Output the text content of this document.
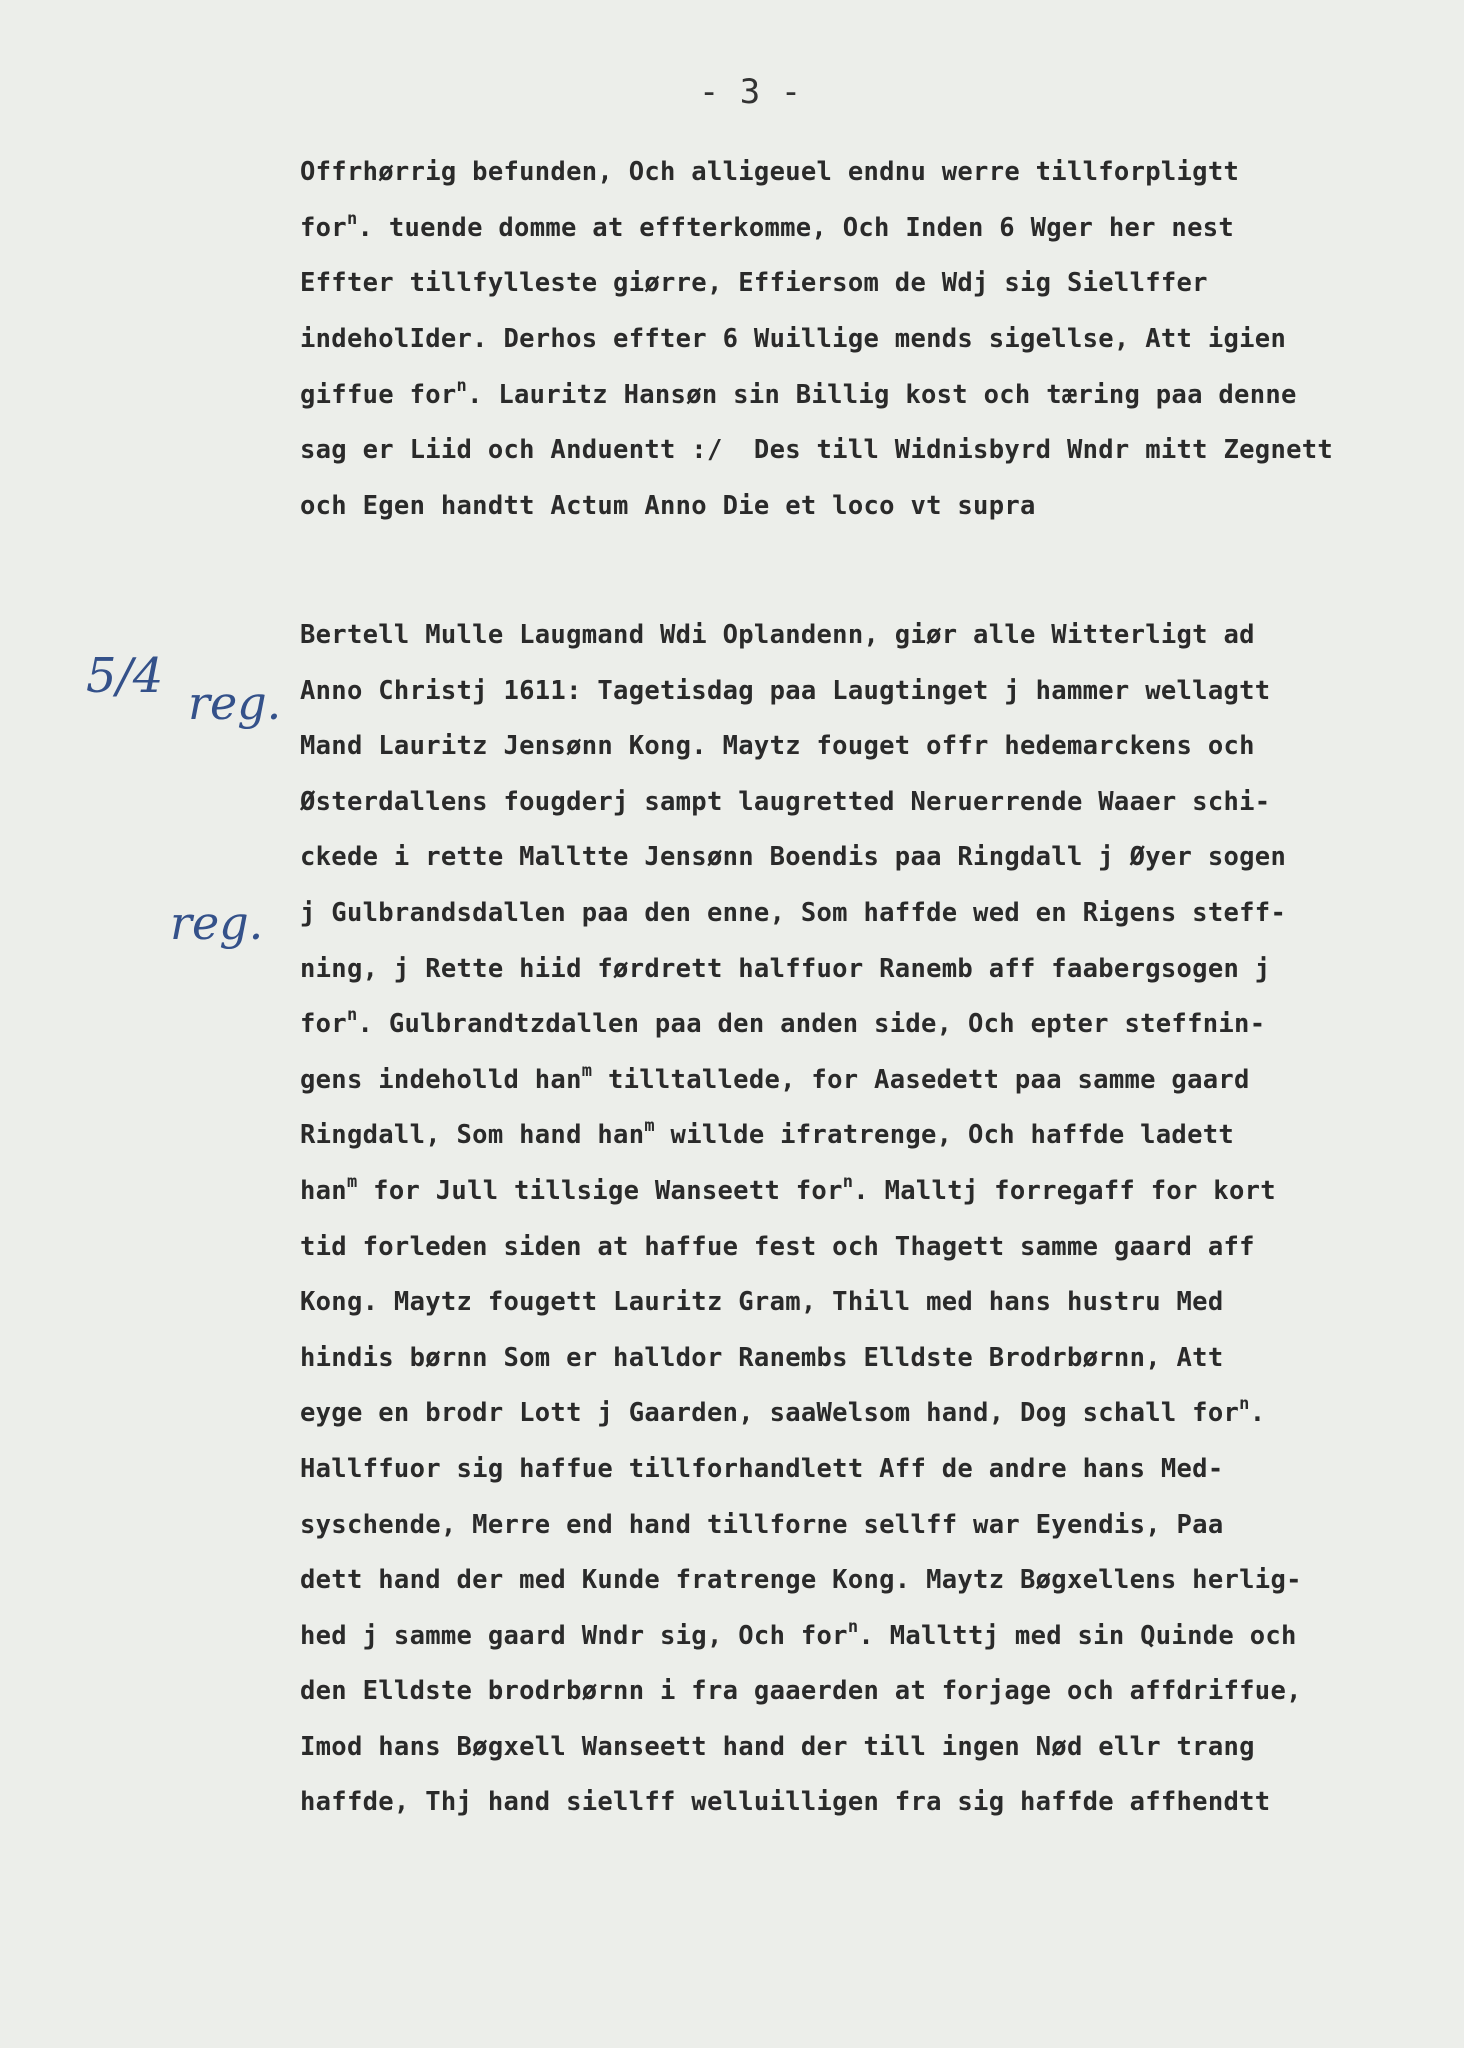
- 3 -
5/4 reg.
reg.
Offrhørrig befunden, Och alligeuel endnu werre tillforpligtt
for$^n$. tuende domme at effterkomme, Och Inden 6 Wger her nest
Effter tillfylleste giørre, Effiersom de Wdj sig Siellffer
indeholIder. Derhos effter 6 Wuillige mends sigellse, Att igien
giffue for$^n$. Lauritz Hansøn sin Billig kost och tæring paa denne
sag er Liid och Anduentt :/  Des till Widnisbyrd Wndr mitt Zegnett
och Egen handtt Actum Anno Die et loco vt supra
Bertell Mulle Laugmand Wdi Oplandenn, giør alle Witterligt ad
Anno Christj 1611: Tagetisdag paa Laugtinget j hammer wellagtt
Mand Lauritz Jensønn Kong. Maytz fouget offr hedemarckens och
Østerdallens fougderj sampt laugretted Neruerrende Waaer schi-
ckede i rette Malltte Jensønn Boendis paa Ringdall j Øyer sogen
j Gulbrandsdallen paa den enne, Som haffde wed en Rigens steff-
ning, j Rette hiid førdrett halffuor Ranemb aff faabergsogen j
for$^n$. Gulbrandtzdallen paa den anden side, Och epter steffnin-
gens indeholld han$^m$ tilltallede, for Aasedett paa samme gaard
Ringdall, Som hand han$^m$ willde ifratrenge, Och haffde ladett
han$^m$ for Jull tillsige Wanseett for$^n$. Malltj forregaff for kort
tid forleden siden at haffue fest och Thagett samme gaard aff
Kong. Maytz fougett Lauritz Gram, Thill med hans hustru Med
hindis børnn Som er halldor Ranembs Elldste Brodrbørnn, Att
eyge en brodr Lott j Gaarden, saaWelsom hand, Dog schall for$^n$.
Hallffuor sig haffue tillforhandlett Aff de andre hans Med-
syschende, Merre end hand tillforne sellff war Eyendis, Paa
dett hand der med Kunde fratrenge Kong. Maytz Bøgxellens herlig-
hed j samme gaard Wndr sig, Och for$^n$. Mallttj med sin Quinde och
den Elldste brodrbørnn i fra gaaerden at forjage och affdriffue,
Imod hans Bøgxell Wanseett hand der till ingen Nød ellr trang
haffde, Thj hand siellff welluilligen fra sig haffde affhendtt
